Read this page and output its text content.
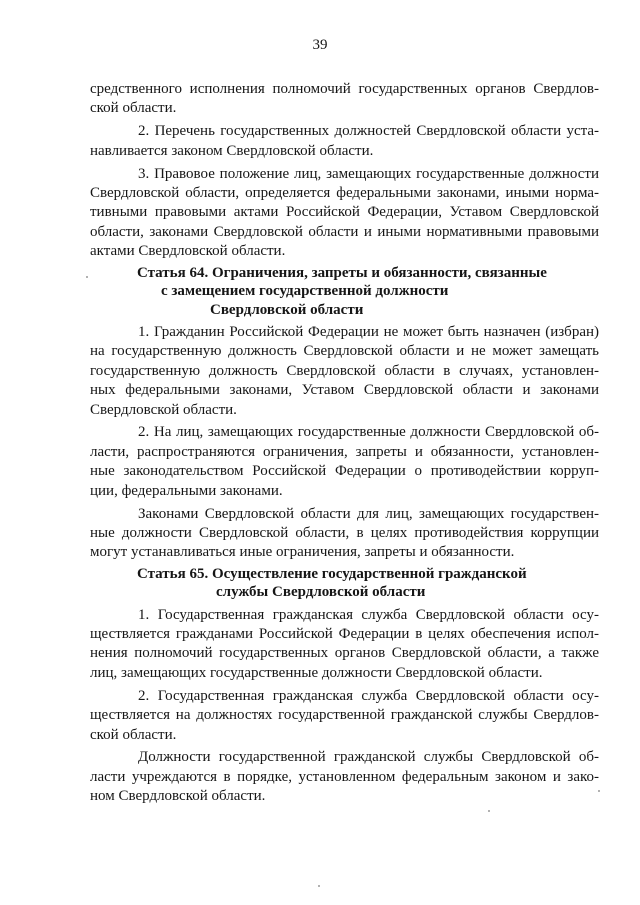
39
средственного исполнения полномочий государственных органов Свердлов-
ской области.
2. Перечень государственных должностей Свердловской области уста-
навливается законом Свердловской области.
3. Правовое положение лиц, замещающих государственные должности
Свердловской области, определяется федеральными законами, иными норма-
тивными правовыми актами Российской Федерации, Уставом Свердловской
области, законами Свердловской области и иными нормативными правовыми
актами Свердловской области.
Статья 64. Ограничения, запреты и обязанности, связанные
с замещением государственной должности
Свердловской области
1. Гражданин Российской Федерации не может быть назначен (избран)
на государственную должность Свердловской области и не может замещать
государственную должность Свердловской области в случаях, установлен-
ных федеральными законами, Уставом Свердловской области и законами
Свердловской области.
2. На лиц, замещающих государственные должности Свердловской об-
ласти, распространяются ограничения, запреты и обязанности, установлен-
ные законодательством Российской Федерации о противодействии корруп-
ции, федеральными законами.
Законами Свердловской области для лиц, замещающих государствен-
ные должности Свердловской области, в целях противодействия коррупции
могут устанавливаться иные ограничения, запреты и обязанности.
Статья 65. Осуществление государственной гражданской
службы Свердловской области
1. Государственная гражданская служба Свердловской области осу-
ществляется гражданами Российской Федерации в целях обеспечения испол-
нения полномочий государственных органов Свердловской области, а также
лиц, замещающих государственные должности Свердловской области.
2. Государственная гражданская служба Свердловской области осу-
ществляется на должностях государственной гражданской службы Свердлов-
ской области.
Должности государственной гражданской службы Свердловской об-
ласти учреждаются в порядке, установленном федеральным законом и зако-
ном Свердловской области.
